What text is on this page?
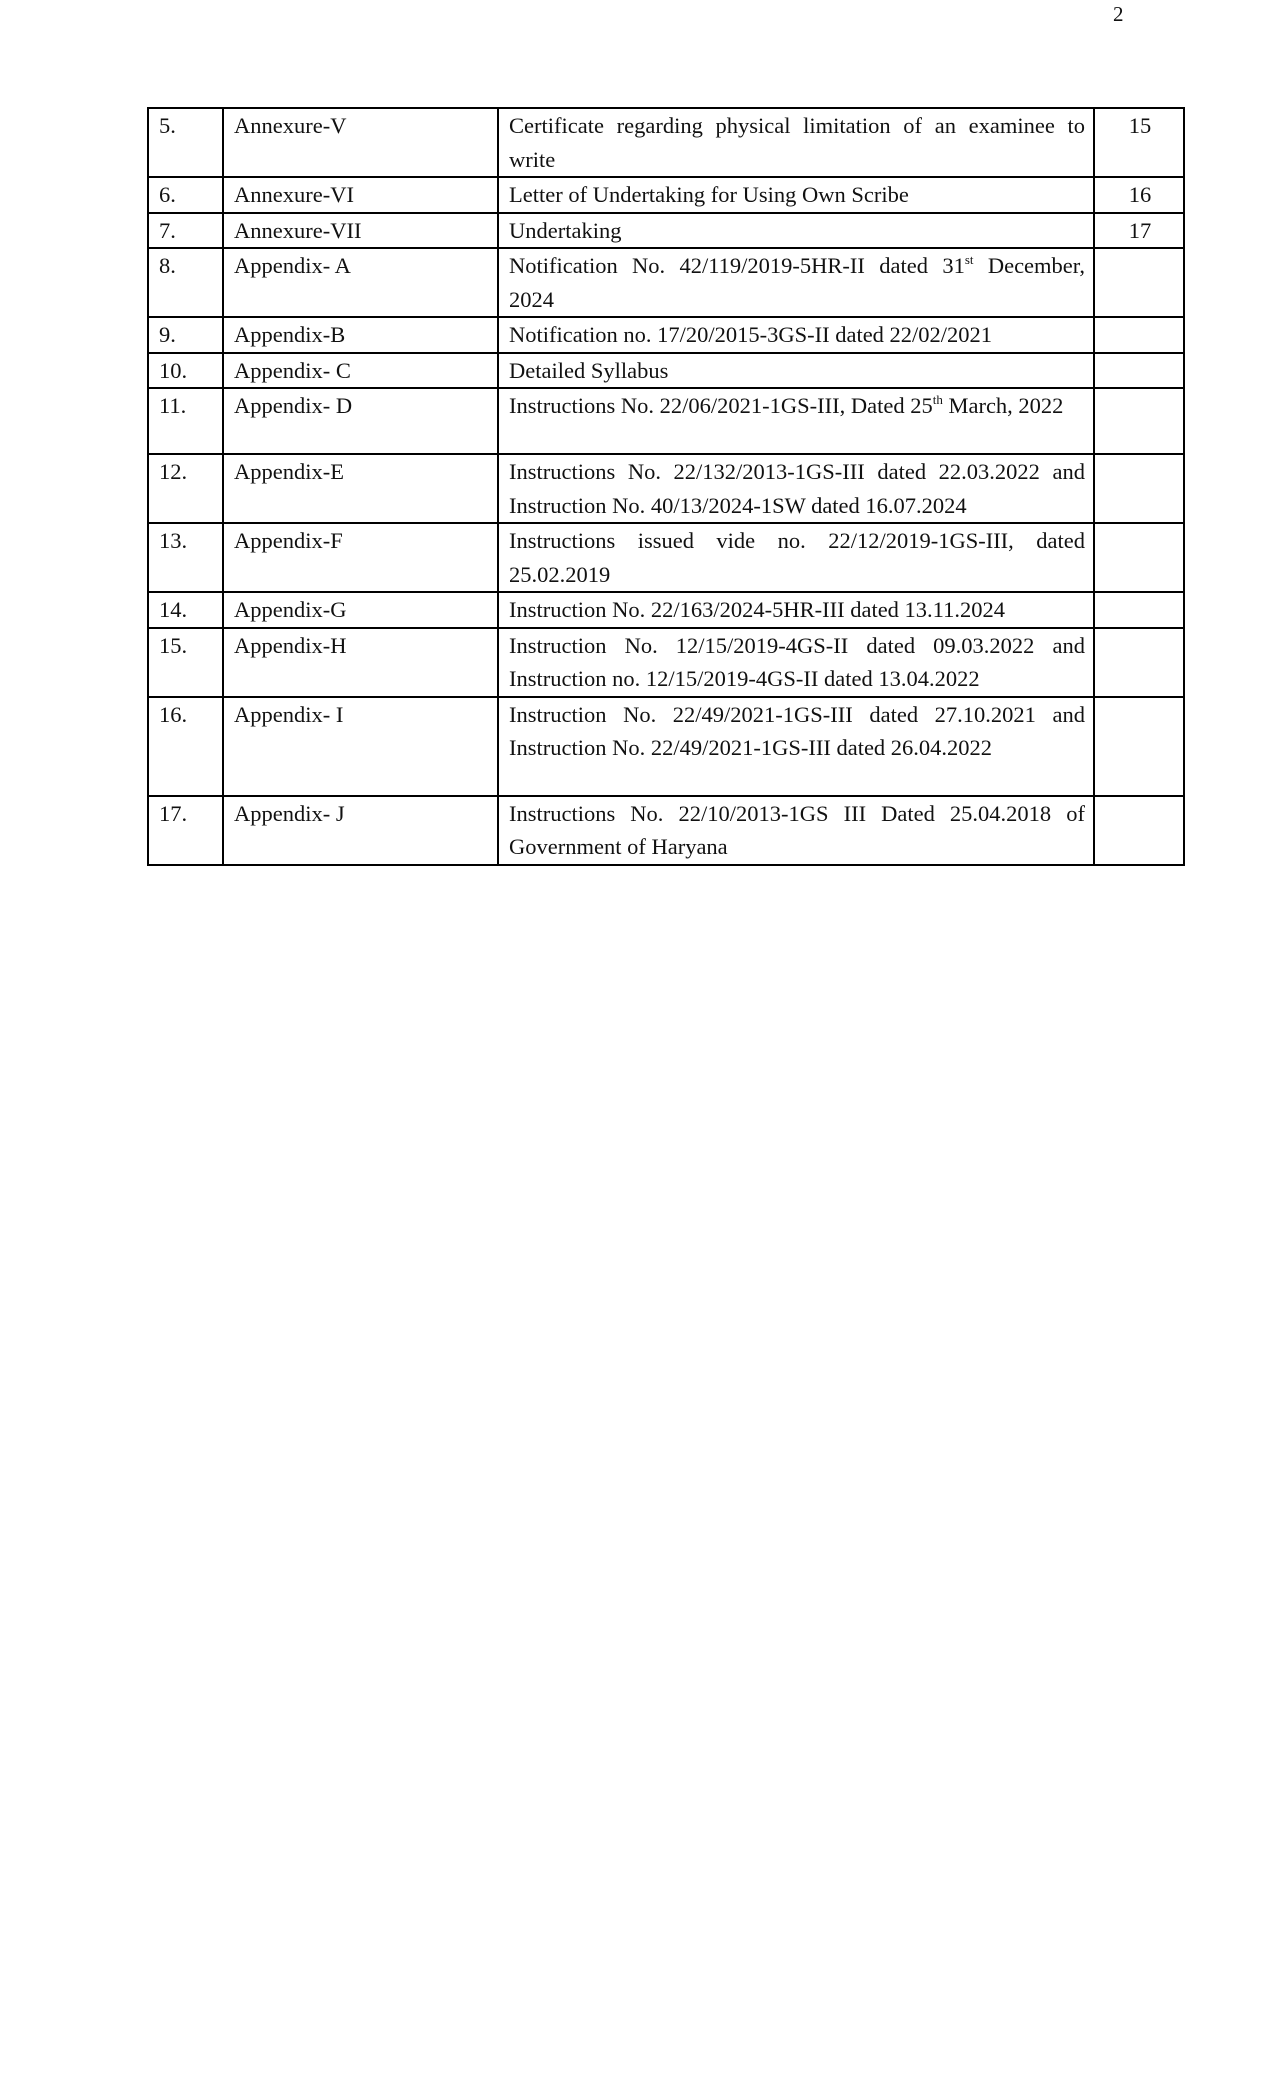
2
5.	Annexure-V	Certificate regarding physical limitation of an examinee to write	15
6.	Annexure-VI	Letter of Undertaking for Using Own Scribe	16
7.	Annexure-VII	Undertaking	17
8.	Appendix- A	Notification No. 42/119/2019-5HR-II dated 31st December, 2024	
9.	Appendix-B	Notification no. 17/20/2015-3GS-II dated 22/02/2021	
10.	Appendix- C	Detailed Syllabus	
11.	Appendix- D	Instructions No. 22/06/2021-1GS-III, Dated 25th March, 2022	
12.	Appendix-E	Instructions No. 22/132/2013-1GS-III dated 22.03.2022 and Instruction No. 40/13/2024-1SW dated 16.07.2024	
13.	Appendix-F	Instructions issued vide no. 22/12/2019-1GS-III, dated 25.02.2019	
14.	Appendix-G	Instruction No. 22/163/2024-5HR-III dated 13.11.2024	
15.	Appendix-H	Instruction No. 12/15/2019-4GS-II dated 09.03.2022 and Instruction no. 12/15/2019-4GS-II dated 13.04.2022	
16.	Appendix- I	Instruction No. 22/49/2021-1GS-III dated 27.10.2021 and Instruction No. 22/49/2021-1GS-III dated 26.04.2022	
17.	Appendix- J	Instructions No. 22/10/2013-1GS III Dated 25.04.2018 of Government of Haryana	
